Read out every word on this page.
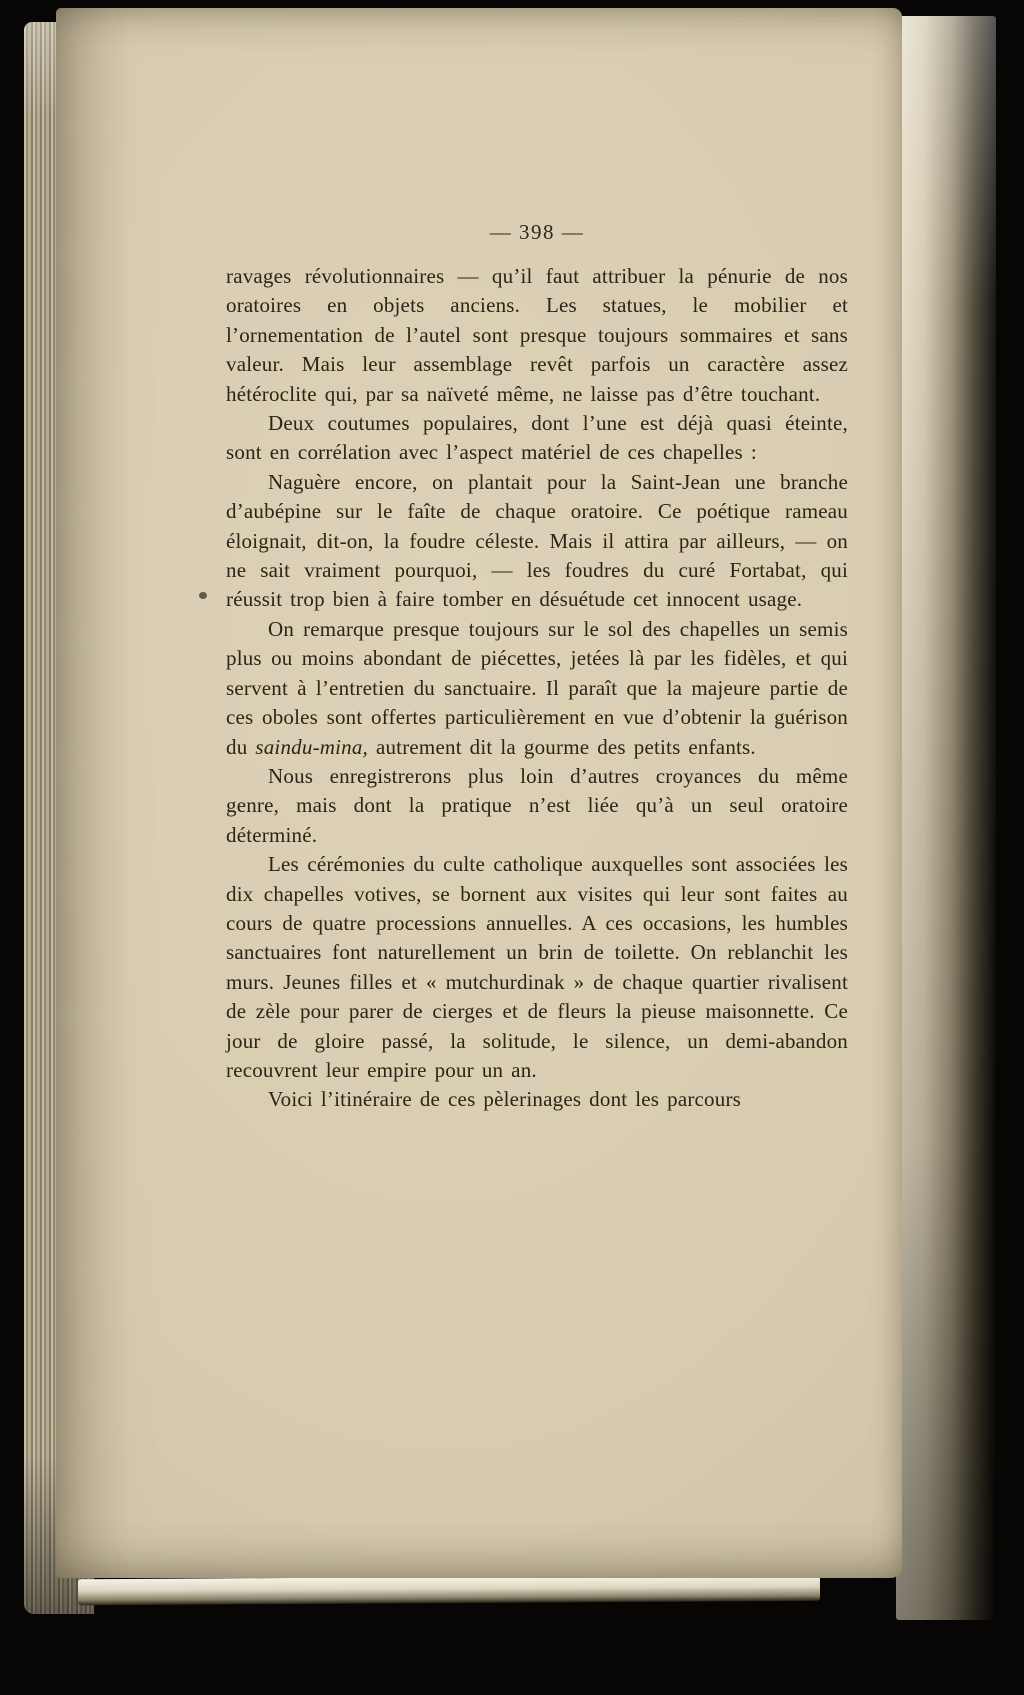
— 398 —

ravages révolutionnaires — qu’il faut attribuer la pénurie de nos oratoires en objets anciens. Les statues, le mobilier et l’ornementation de l’autel sont presque toujours sommaires et sans valeur. Mais leur assemblage revêt parfois un caractère assez hétéroclite qui, par sa naïveté même, ne laisse pas d’être touchant.

Deux coutumes populaires, dont l’une est déjà quasi éteinte, sont en corrélation avec l’aspect matériel de ces chapelles :

Naguère encore, on plantait pour la Saint-Jean une branche d’aubépine sur le faîte de chaque oratoire. Ce poétique rameau éloignait, dit-on, la foudre céleste. Mais il attira par ailleurs, — on ne sait vraiment pourquoi, — les foudres du curé Fortabat, qui réussit trop bien à faire tomber en désuétude cet innocent usage.

On remarque presque toujours sur le sol des chapelles un semis plus ou moins abondant de piécettes, jetées là par les fidèles, et qui servent à l’entretien du sanctuaire. Il paraît que la majeure partie de ces oboles sont offertes particulièrement en vue d’obtenir la guérison du saindu-mina, autrement dit la gourme des petits enfants.

Nous enregistrerons plus loin d’autres croyances du même genre, mais dont la pratique n’est liée qu’à un seul oratoire déterminé.

Les cérémonies du culte catholique auxquelles sont associées les dix chapelles votives, se bornent aux visites qui leur sont faites au cours de quatre processions annuelles. A ces occasions, les humbles sanctuaires font naturellement un brin de toilette. On reblanchit les murs. Jeunes filles et « mutchurdinak » de chaque quartier rivalisent de zèle pour parer de cierges et de fleurs la pieuse maisonnette. Ce jour de gloire passé, la solitude, le silence, un demi-abandon recouvrent leur empire pour un an.

Voici l’itinéraire de ces pèlerinages dont les parcours
